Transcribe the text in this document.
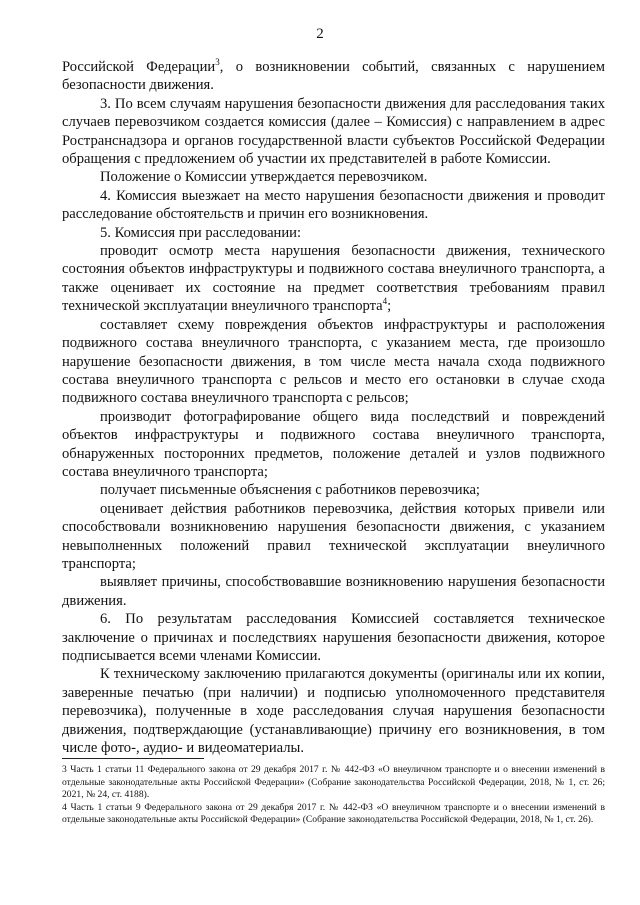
2

Российской Федерации$^3$, о возникновении событий, связанных с нарушением безопасности движения.

3. По всем случаям нарушения безопасности движения для расследования таких случаев перевозчиком создается комиссия (далее – Комиссия) с направлением в адрес Ространснадзора и органов государственной власти субъектов Российской Федерации обращения с предложением об участии их представителей в работе Комиссии.

Положение о Комиссии утверждается перевозчиком.

4. Комиссия выезжает на место нарушения безопасности движения и проводит расследование обстоятельств и причин его возникновения.

5. Комиссия при расследовании:

проводит осмотр места нарушения безопасности движения, технического состояния объектов инфраструктуры и подвижного состава внеуличного транспорта, а также оценивает их состояние на предмет соответствия требованиям правил технической эксплуатации внеуличного транспорта$^4$;

составляет схему повреждения объектов инфраструктуры и расположения подвижного состава внеуличного транспорта, с указанием места, где произошло нарушение безопасности движения, в том числе места начала схода подвижного состава внеуличного транспорта с рельсов и место его остановки в случае схода подвижного состава внеуличного транспорта с рельсов;

производит фотографирование общего вида последствий и повреждений объектов инфраструктуры и подвижного состава внеуличного транспорта, обнаруженных посторонних предметов, положение деталей и узлов подвижного состава внеуличного транспорта;

получает письменные объяснения с работников перевозчика;

оценивает действия работников перевозчика, действия которых привели или способствовали возникновению нарушения безопасности движения, с указанием невыполненных положений правил технической эксплуатации внеуличного транспорта;

выявляет причины, способствовавшие возникновению нарушения безопасности движения.

6. По результатам расследования Комиссией составляется техническое заключение о причинах и последствиях нарушения безопасности движения, которое подписывается всеми членами Комиссии.

К техническому заключению прилагаются документы (оригиналы или их копии, заверенные печатью (при наличии) и подписью уполномоченного представителя перевозчика), полученные в ходе расследования случая нарушения безопасности движения, подтверждающие (устанавливающие) причину его возникновения, в том числе фото-, аудио- и видеоматериалы.

3 Часть 1 статьи 11 Федерального закона от 29 декабря 2017 г. № 442-ФЗ «О внеуличном транспорте и о внесении изменений в отдельные законодательные акты Российской Федерации» (Собрание законодательства Российской Федерации, 2018, № 1, ст. 26; 2021, № 24, ст. 4188).

4 Часть 1 статьи 9 Федерального закона от 29 декабря 2017 г. № 442-ФЗ «О внеуличном транспорте и о внесении изменений в отдельные законодательные акты Российской Федерации» (Собрание законодательства Российской Федерации, 2018, № 1, ст. 26).
